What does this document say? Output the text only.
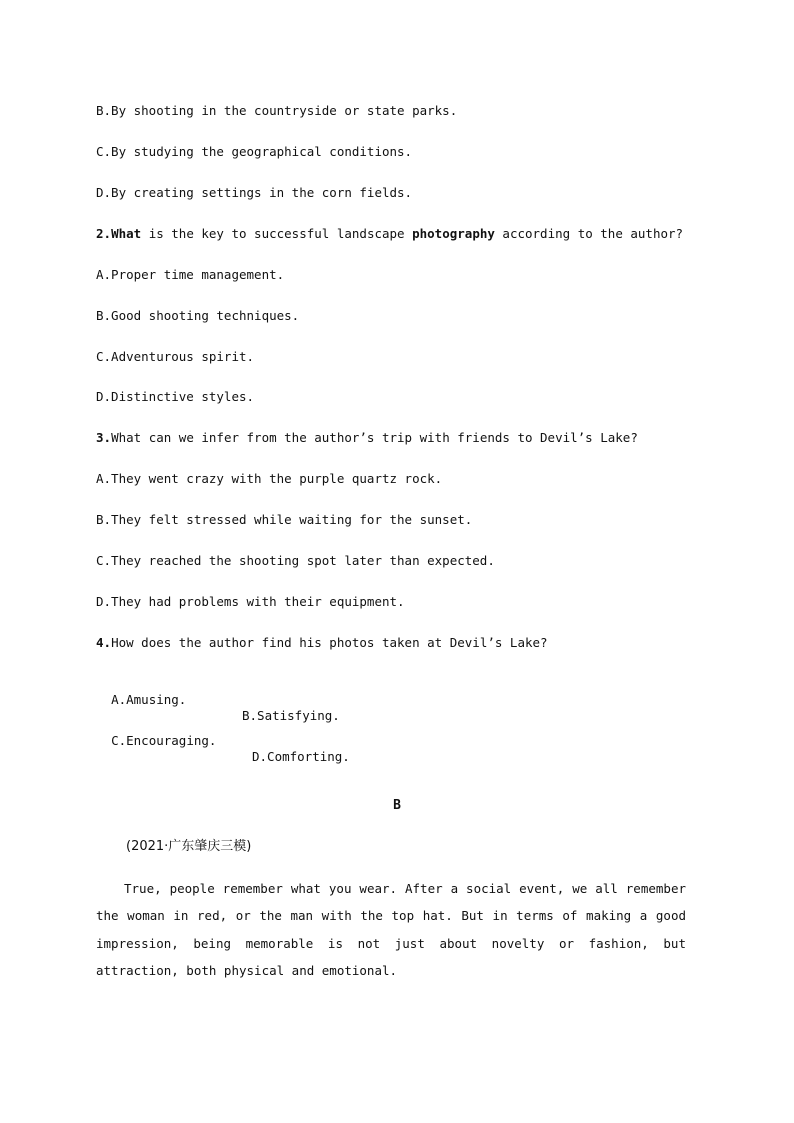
B.By shooting in the countryside or state parks.
C.By studying the geographical conditions.
D.By creating settings in the corn fields.
2.What is the key to successful landscape photography according to the author?
A.Proper time management.
B.Good shooting techniques.
C.Adventurous spirit.
D.Distinctive styles.
3.What can we infer from the author’s trip with friends to Devil’s Lake?
A.They went crazy with the purple quartz rock.
B.They felt stressed while waiting for the sunset.
C.They reached the shooting spot later than expected.
D.They had problems with their equipment.
4.How does the author find his photos taken at Devil’s Lake?

A.Amusing.

B.Satisfying.

C.Encouraging.

D.Comforting.

B
(2021·广东肇庆三模)
True, people remember what you wear. After a social event, we all remember the woman in red, or the man with the top hat. But in terms of making a good impression, being memorable is not just about novelty or fashion, but attraction, both physical and emotional.
